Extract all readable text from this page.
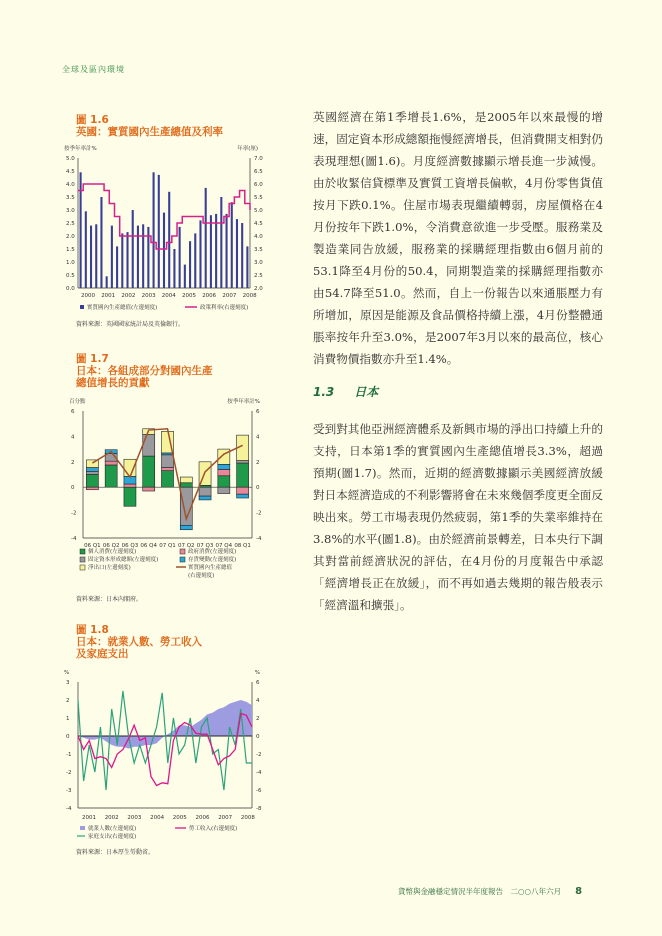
全球及區內環境
圖 1.6
英國：實質國內生產總值及利率
資料來源：英國國家統計局及英倫銀行。
圖 1.7
日本：各組成部分對國內生產
總值增長的貢獻
資料來源：日本內閣府。
圖 1.8
日本：就業人數、勞工收入
及家庭支出
資料來源：日本厚生勞動省。
英國經濟在第1季增長1.6%，是2005年以來最慢的增速，固定資本形成總額拖慢經濟增長，但消費開支相對仍表現理想(圖1.6)。月度經濟數據顯示增長進一步減慢。由於收緊信貸標準及實質工資增長偏軟，4月份零售貨值按月下跌0.1%。住屋市場表現繼續轉弱，房屋價格在4月份按年下跌1.0%，令消費意欲進一步受壓。服務業及製造業同告放緩，服務業的採購經理指數由6個月前的53.1降至4月份的50.4，同期製造業的採購經理指數亦由54.7降至51.0。然而，自上一份報告以來通脹壓力有所增加，原因是能源及食品價格持續上漲，4月份整體通脹率按年升至3.0%，是2007年3月以來的最高位，核心消費物價指數亦升至1.4%。
1.3 日本
受到對其他亞洲經濟體系及新興市場的淨出口持續上升的支持，日本第1季的實質國內生產總值增長3.3%，超過預期(圖1.7)。然而，近期的經濟數據顯示美國經濟放緩對日本經濟造成的不利影響將會在未來幾個季度更全面反映出來。勞工市場表現仍然疲弱，第1季的失業率維持在3.8%的水平(圖1.8)。由於經濟前景轉差，日本央行下調其對當前經濟狀況的評估，在4月份的月度報告中承認「經濟增長正在放緩」，而不再如過去幾期的報告般表示「經濟溫和擴張」。
貨幣與金融穩定情況半年度報告　二○○八年六月 8
0.0
0.5
1.0
1.5
2.0
2.5
3.0
3.5
4.0
4.5
5.0
2.0
2.5
3.0
3.5
4.0
4.5
5.0
5.5
6.0
6.5
7.0
按季年率計%	年率(厘)
2000 2001 2002 2003 2004 2005 2006 2007 2008
實質國內生產總值(左邊刻度)	政策利率(右邊刻度)
-4
-2
0
2
4
6
-4
-2
0
2
4
6
百分點	按季年率計%
06 Q1 06 Q2 06 Q3 06 Q4 07 Q1 07 Q2 07 Q3 07 Q4 08 Q1
個人消費(左邊刻度)	政府消費(左邊刻度)
固定資本形成總額(左邊刻度)	存貨變動(左邊刻度)
淨出口(左邊刻度)	實質國內生產總值
(右邊刻度)
-4
-3
-2
-1
0
1
2
3
-8
-6
-4
-2
0
2
4
6
%	%
2001 2002 2003 2004 2005 2006 2007 2008
就業人數(左邊刻度)	勞工收入(右邊刻度)
家庭支出(右邊刻度)
